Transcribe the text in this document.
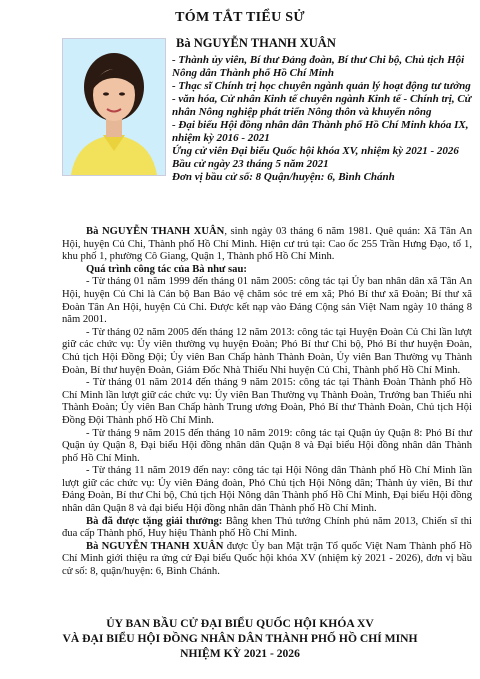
TÓM TẮT TIỂU SỬ
Bà NGUYỄN THANH XUÂN

- Thành ủy viên, Bí thư Đảng đoàn, Bí thư Chi bộ, Chủ tịch Hội Nông dân Thành phố Hồ Chí Minh

- Thạc sĩ Chính trị học chuyên ngành quản lý hoạt động tư tưởng - văn hóa, Cử nhân Kinh tế chuyên ngành Kinh tế - Chính trị, Cử nhân Nông nghiệp phát triển Nông thôn và khuyến nông

- Đại biểu Hội đồng nhân dân Thành phố Hồ Chí Minh khóa IX, nhiệm kỳ 2016 - 2021

Ứng cử viên Đại biểu Quốc hội khóa XV, nhiệm kỳ 2021 - 2026

Bầu cử ngày 23 tháng 5 năm 2021

Đơn vị bầu cử số: 8 Quận/huyện: 6, Bình Chánh

Bà NGUYỄN THANH XUÂN, sinh ngày 03 tháng 6 năm 1981. Quê quán: Xã Tân An Hội, huyện Củ Chi, Thành phố Hồ Chí Minh. Hiện cư trú tại: Cao ốc 255 Trần Hưng Đạo, tổ 1, khu phố 1, phường Cô Giang, Quận 1, Thành phố Hồ Chí Minh.

Quá trình công tác của Bà như sau:

- Từ tháng 01 năm 1999 đến tháng 01 năm 2005: công tác tại Ủy ban nhân dân xã Tân An Hội, huyện Củ Chi là Cán bộ Ban Bảo vệ chăm sóc trẻ em xã; Phó Bí thư xã Đoàn; Bí thư xã Đoàn Tân An Hội, huyện Củ Chi. Được kết nạp vào Đảng Cộng sản Việt Nam ngày 10 tháng 8 năm 2001.

- Từ tháng 02 năm 2005 đến tháng 12 năm 2013: công tác tại Huyện Đoàn Củ Chi lần lượt giữ các chức vụ: Ủy viên thường vụ huyện Đoàn; Phó Bí thư Chi bộ, Phó Bí thư huyện Đoàn, Chủ tịch Hội Đồng Đội; Ủy viên Ban Chấp hành Thành Đoàn, Ủy viên Ban Thường vụ Thành Đoàn, Bí thư huyện Đoàn, Giám Đốc Nhà Thiếu Nhi huyện Củ Chi, Thành phố Hồ Chí Minh.

- Từ tháng 01 năm 2014 đến tháng 9 năm 2015: công tác tại Thành Đoàn Thành phố Hồ Chí Minh lần lượt giữ các chức vụ: Ủy viên Ban Thường vụ Thành Đoàn, Trưởng ban Thiếu nhi Thành Đoàn; Ủy viên Ban Chấp hành Trung ương Đoàn, Phó Bí thư Thành Đoàn, Chủ tịch Hội Đồng Đội Thành phố Hồ Chí Minh.

- Từ tháng 9 năm 2015 đến tháng 10 năm 2019: công tác tại Quận ủy Quận 8: Phó Bí thư Quận ủy Quận 8, Đại biểu Hội đồng nhân dân Quận 8 và Đại biểu Hội đồng nhân dân Thành phố Hồ Chí Minh.

- Từ tháng 11 năm 2019 đến nay: công tác tại Hội Nông dân Thành phố Hồ Chí Minh lần lượt giữ các chức vụ: Ủy viên Đảng đoàn, Phó Chủ tịch Hội Nông dân; Thành ủy viên, Bí thư Đảng Đoàn, Bí thư Chi bộ, Chủ tịch Hội Nông dân Thành phố Hồ Chí Minh, Đại biểu Hội đồng nhân dân Quận 8 và đại biểu Hội đồng nhân dân Thành phố Hồ Chí Minh.

Bà đã được tặng giải thưởng: Bằng khen Thủ tướng Chính phủ năm 2013, Chiến sĩ thi đua cấp Thành phố, Huy hiệu Thành phố Hồ Chí Minh.

Bà NGUYỄN THANH XUÂN được Ủy ban Mặt trận Tổ quốc Việt Nam Thành phố Hồ Chí Minh giới thiệu ra ứng cử Đại biểu Quốc hội khóa XV (nhiệm kỳ 2021 - 2026), đơn vị bầu cử số: 8, quận/huyện: 6, Bình Chánh.

ỦY BAN BẦU CỬ ĐẠI BIỂU QUỐC HỘI KHÓA XV
VÀ ĐẠI BIỂU HỘI ĐỒNG NHÂN DÂN THÀNH PHỐ HỒ CHÍ MINH
NHIỆM KỲ 2021 - 2026
